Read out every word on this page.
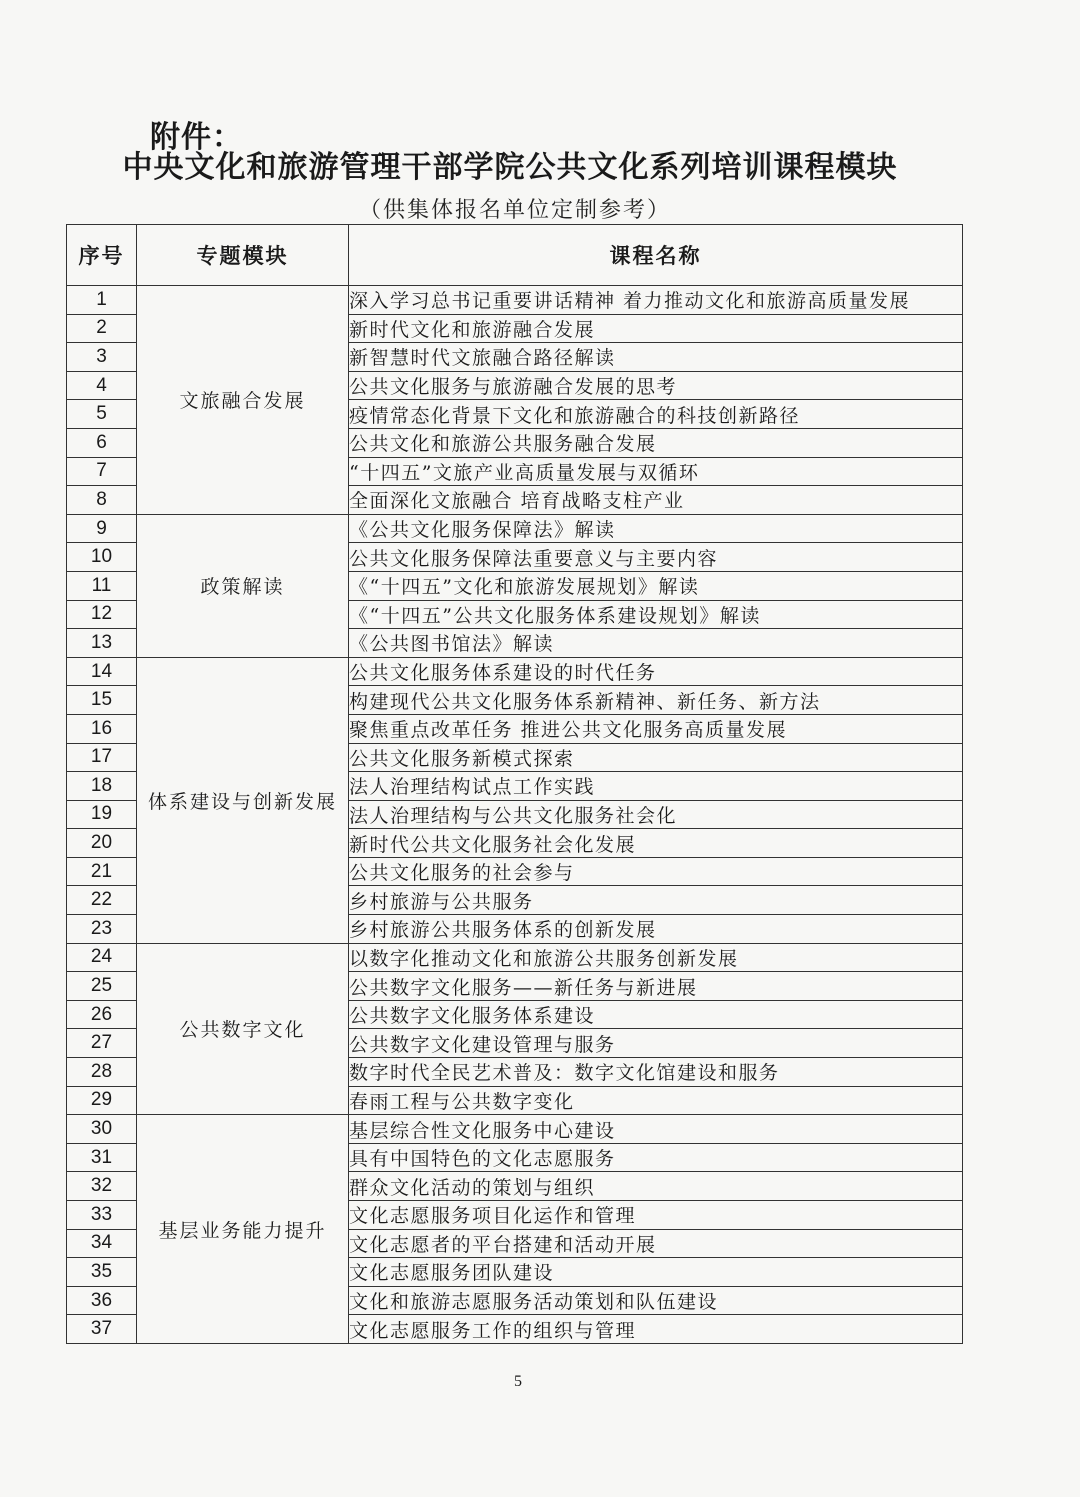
附件：
中央文化和旅游管理干部学院公共文化系列培训课程模块
（供集体报名单位定制参考）
序号	专题模块	课程名称
1	文旅融合发展	深入学习总书记重要讲话精神 着力推动文化和旅游高质量发展
2		新时代文化和旅游融合发展
3		新智慧时代文旅融合路径解读
4		公共文化服务与旅游融合发展的思考
5		疫情常态化背景下文化和旅游融合的科技创新路径
6		公共文化和旅游公共服务融合发展
7		“十四五”文旅产业高质量发展与双循环
8		全面深化文旅融合 培育战略支柱产业
9	政策解读	《公共文化服务保障法》解读
10		公共文化服务保障法重要意义与主要内容
11		《“十四五”文化和旅游发展规划》解读
12		《“十四五”公共文化服务体系建设规划》解读
13		《公共图书馆法》解读
14	体系建设与创新发展	公共文化服务体系建设的时代任务
15		构建现代公共文化服务体系新精神、新任务、新方法
16		聚焦重点改革任务 推进公共文化服务高质量发展
17		公共文化服务新模式探索
18		法人治理结构试点工作实践
19		法人治理结构与公共文化服务社会化
20		新时代公共文化服务社会化发展
21		公共文化服务的社会参与
22		乡村旅游与公共服务
23		乡村旅游公共服务体系的创新发展
24	公共数字文化	以数字化推动文化和旅游公共服务创新发展
25		公共数字文化服务——新任务与新进展
26		公共数字文化服务体系建设
27		公共数字文化建设管理与服务
28		数字时代全民艺术普及：数字文化馆建设和服务
29		春雨工程与公共数字变化
30	基层业务能力提升	基层综合性文化服务中心建设
31		具有中国特色的文化志愿服务
32		群众文化活动的策划与组织
33		文化志愿服务项目化运作和管理
34		文化志愿者的平台搭建和活动开展
35		文化志愿服务团队建设
36		文化和旅游志愿服务活动策划和队伍建设
37		文化志愿服务工作的组织与管理
5
